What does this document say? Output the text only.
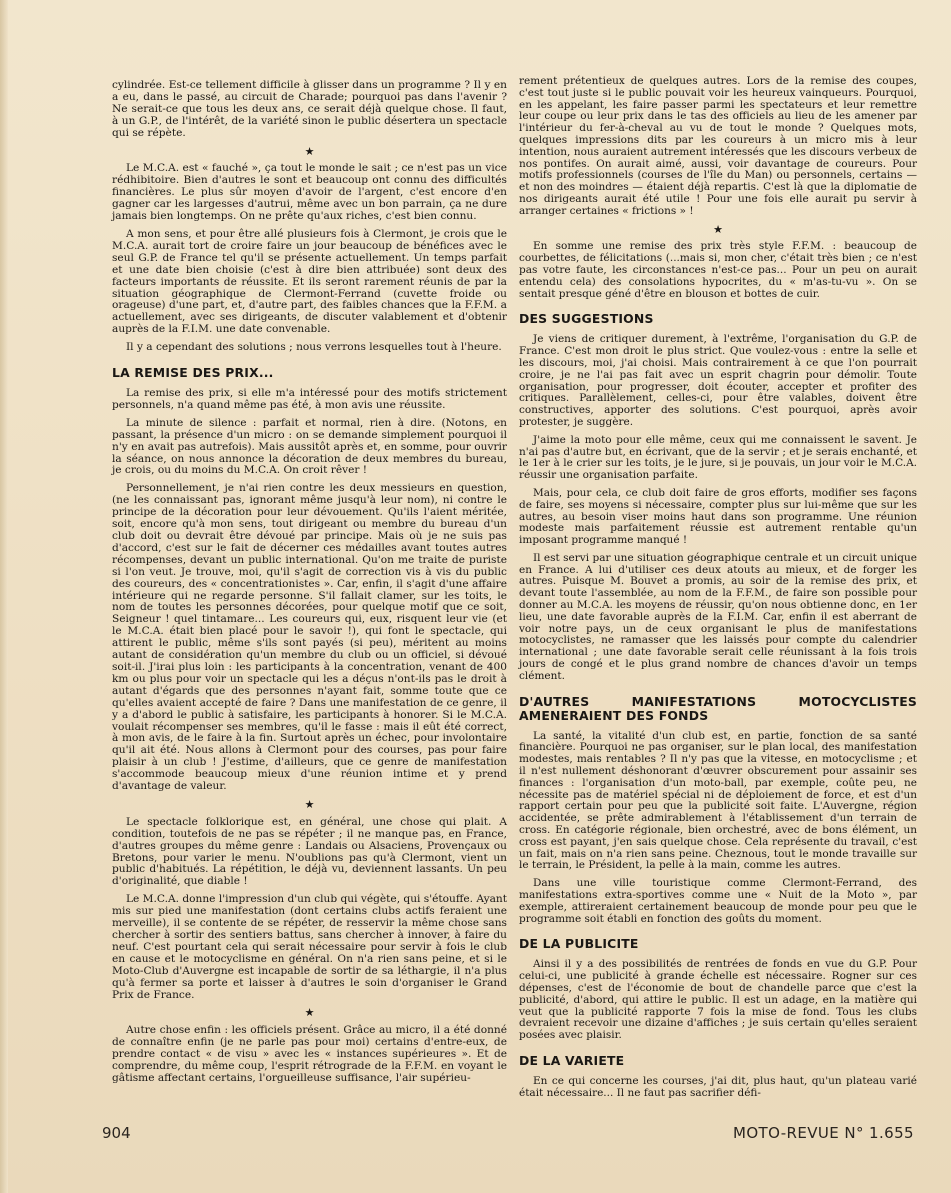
cylindrée. Est-ce tellement difficile à glisser dans un programme ? Il y en a eu, dans le passé, au circuit de Charade; pourquoi pas dans l'avenir ? Ne serait-ce que tous les deux ans, ce serait déjà quelque chose. Il faut, à un G.P., de l'intérêt, de la variété sinon le public désertera un spectacle qui se répète.

★

Le M.C.A. est « fauché », ça tout le monde le sait ; ce n'est pas un vice rédhibitoire. Bien d'autres le sont et beaucoup ont connu des difficultés financières. Le plus sûr moyen d'avoir de l'argent, c'est encore d'en gagner car les largesses d'autrui, même avec un bon parrain, ça ne dure jamais bien longtemps. On ne prête qu'aux riches, c'est bien connu.

A mon sens, et pour être allé plusieurs fois à Clermont, je crois que le M.C.A. aurait tort de croire faire un jour beaucoup de bénéfices avec le seul G.P. de France tel qu'il se présente actuellement. Un temps parfait et une date bien choisie (c'est à dire bien attribuée) sont deux des facteurs importants de réussite. Et ils seront rarement réunis de par la situation géographique de Clermont-Ferrand (cuvette froide ou orageuse) d'une part, et, d'autre part, des faibles chances que la F.F.M. a actuellement, avec ses dirigeants, de discuter valablement et d'obtenir auprès de la F.I.M. une date convenable.

Il y a cependant des solutions ; nous verrons lesquelles tout à l'heure.

LA REMISE DES PRIX...

La remise des prix, si elle m'a intéressé pour des motifs strictement personnels, n'a quand même pas été, à mon avis une réussite.

La minute de silence : parfait et normal, rien à dire. (Notons, en passant, la présence d'un micro : on se demande simplement pourquoi il n'y en avait pas autrefois). Mais aussitôt après et, en somme, pour ouvrir la séance, on nous annonce la décoration de deux membres du bureau, je crois, ou du moins du M.C.A. On croit rêver !

Personnellement, je n'ai rien contre les deux messieurs en question, (ne les connaissant pas, ignorant même jusqu'à leur nom), ni contre le principe de la décoration pour leur dévouement. Qu'ils l'aient méritée, soit, encore qu'à mon sens, tout dirigeant ou membre du bureau d'un club doit ou devrait être dévoué par principe. Mais où je ne suis pas d'accord, c'est sur le fait de décerner ces médailles avant toutes autres récompenses, devant un public international. Qu'on me traite de puriste si l'on veut. Je trouve, moi, qu'il s'agit de correction vis à vis du public des coureurs, des « concentrationistes ». Car, enfin, il s'agit d'une affaire intérieure qui ne regarde personne. S'il fallait clamer, sur les toits, le nom de toutes les personnes décorées, pour quelque motif que ce soit, Seigneur ! quel tintamare... Les coureurs qui, eux, risquent leur vie (et le M.C.A. était bien placé pour le savoir !), qui font le spectacle, qui attirent le public, même s'ils sont payés (si peu), méritent au moins autant de considération qu'un membre du club ou un officiel, si dévoué soit-il. J'irai plus loin : les participants à la concentration, venant de 400 km ou plus pour voir un spectacle qui les a déçus n'ont-ils pas le droit à autant d'égards que des personnes n'ayant fait, somme toute que ce qu'elles avaient accepté de faire ? Dans une manifestation de ce genre, il y a d'abord le public à satisfaire, les participants à honorer. Si le M.C.A. voulait récompenser ses membres, qu'il le fasse : mais il eût été correct, à mon avis, de le faire à la fin. Surtout après un échec, pour involontaire qu'il ait été. Nous allons à Clermont pour des courses, pas pour faire plaisir à un club ! J'estime, d'ailleurs, que ce genre de manifestation s'accommode beaucoup mieux d'une réunion intime et y prend d'avantage de valeur.

★

Le spectacle folklorique est, en général, une chose qui plait. A condition, toutefois de ne pas se répéter ; il ne manque pas, en France, d'autres groupes du même genre : Landais ou Alsaciens, Provençaux ou Bretons, pour varier le menu. N'oublions pas qu'à Clermont, vient un public d'habitués. La répétition, le déjà vu, deviennent lassants. Un peu d'originalité, que diable !

Le M.C.A. donne l'impression d'un club qui végète, qui s'étouffe. Ayant mis sur pied une manifestation (dont certains clubs actifs feraient une merveille), il se contente de se répéter, de resservir la même chose sans chercher à sortir des sentiers battus, sans chercher à innover, à faire du neuf. C'est pourtant cela qui serait nécessaire pour servir à fois le club en cause et le motocyclisme en général. On n'a rien sans peine, et si le Moto-Club d'Auvergne est incapable de sortir de sa léthargie, il n'a plus qu'à fermer sa porte et laisser à d'autres le soin d'organiser le Grand Prix de France.

★

Autre chose enfin : les officiels présent. Grâce au micro, il a été donné de connaître enfin (je ne parle pas pour moi) certains d'entre-eux, de prendre contact « de visu » avec les « instances supérieures ». Et de comprendre, du même coup, l'esprit rétrograde de la F.F.M. en voyant le gâtisme affectant certains, l'orgueilleuse suffisance, l'air supérieu-

rement prétentieux de quelques autres. Lors de la remise des coupes, c'est tout juste si le public pouvait voir les heureux vainqueurs. Pourquoi, en les appelant, les faire passer parmi les spectateurs et leur remettre leur coupe ou leur prix dans le tas des officiels au lieu de les amener par l'intérieur du fer-à-cheval au vu de tout le monde ? Quelques mots, quelques impressions dits par les coureurs à un micro mis à leur intention, nous auraient autrement intéressés que les discours verbeux de nos pontifes. On aurait aimé, aussi, voir davantage de coureurs. Pour motifs professionnels (courses de l'île du Man) ou personnels, certains — et non des moindres — étaient déjà repartis. C'est là que la diplomatie de nos dirigeants aurait été utile ! Pour une fois elle aurait pu servir à arranger certaines « frictions » !

★

En somme une remise des prix très style F.F.M. : beaucoup de courbettes, de félicitations (...mais si, mon cher, c'était très bien ; ce n'est pas votre faute, les circonstances n'est-ce pas... Pour un peu on aurait entendu cela) des consolations hypocrites, du « m'as-tu-vu ». On se sentait presque géné d'être en blouson et bottes de cuir.

DES SUGGESTIONS

Je viens de critiquer durement, à l'extrême, l'organisation du G.P. de France. C'est mon droit le plus strict. Que voulez-vous : entre la selle et les discours, moi, j'ai choisi. Mais contrairement à ce que l'on pourrait croire, je ne l'ai pas fait avec un esprit chagrin pour démolir. Toute organisation, pour progresser, doit écouter, accepter et profiter des critiques. Parallèlement, celles-ci, pour être valables, doivent être constructives, apporter des solutions. C'est pourquoi, après avoir protester, je suggère.

J'aime la moto pour elle même, ceux qui me connaissent le savent. Je n'ai pas d'autre but, en écrivant, que de la servir ; et je serais enchanté, et le 1er à le crier sur les toits, je le jure, si je pouvais, un jour voir le M.C.A. réussir une organisation parfaite.

Mais, pour cela, ce club doit faire de gros efforts, modifier ses façons de faire, ses moyens si nécessaire, compter plus sur lui-même que sur les autres, au besoin viser moins haut dans son programme. Une réunion modeste mais parfaitement réussie est autrement rentable qu'un imposant programme manqué !

Il est servi par une situation géographique centrale et un circuit unique en France. A lui d'utiliser ces deux atouts au mieux, et de forger les autres. Puisque M. Bouvet a promis, au soir de la remise des prix, et devant toute l'assemblée, au nom de la F.F.M., de faire son possible pour donner au M.C.A. les moyens de réussir, qu'on nous obtienne donc, en 1er lieu, une date favorable auprès de la F.I.M. Car, enfin il est aberrant de voir notre pays, un de ceux organisant le plus de manifestations motocyclistes, ne ramasser que les laissés pour compte du calendrier international ; une date favorable serait celle réunissant à la fois trois jours de congé et le plus grand nombre de chances d'avoir un temps clément.

D'AUTRES MANIFESTATIONS MOTOCYCLISTES AMENERAIENT DES FONDS

La santé, la vitalité d'un club est, en partie, fonction de sa santé financière. Pourquoi ne pas organiser, sur le plan local, des manifestation modestes, mais rentables ? Il n'y pas que la vitesse, en motocyclisme ; et il n'est nullement déshonorant d'œuvrer obscurement pour assainir ses finances : l'organisation d'un moto-ball, par exemple, coûte peu, ne nécessite pas de matériel spécial ni de déploiement de force, et est d'un rapport certain pour peu que la publicité soit faite. L'Auvergne, région accidentée, se prête admirablement à l'établissement d'un terrain de cross. En catégorie régionale, bien orchestré, avec de bons élément, un cross est payant, j'en sais quelque chose. Cela représente du travail, c'est un fait, mais on n'a rien sans peine. Cheznous, tout le monde travaille sur le terrain, le Président, la pelle à la main, comme les autres.

Dans une ville touristique comme Clermont-Ferrand, des manifestations extra-sportives comme une « Nuit de la Moto », par exemple, attireraient certainement beaucoup de monde pour peu que le programme soit établi en fonction des goûts du moment.

DE LA PUBLICITE

Ainsi il y a des possibilités de rentrées de fonds en vue du G.P. Pour celui-ci, une publicité à grande échelle est nécessaire. Rogner sur ces dépenses, c'est de l'économie de bout de chandelle parce que c'est la publicité, d'abord, qui attire le public. Il est un adage, en la matière qui veut que la publicité rapporte 7 fois la mise de fond. Tous les clubs devraient recevoir une dizaine d'affiches ; je suis certain qu'elles seraient posées avec plaisir.

DE LA VARIETE

En ce qui concerne les courses, j'ai dit, plus haut, qu'un plateau varié était nécessaire... Il ne faut pas sacrifier défi-

904	MOTO-REVUE N° 1.655
